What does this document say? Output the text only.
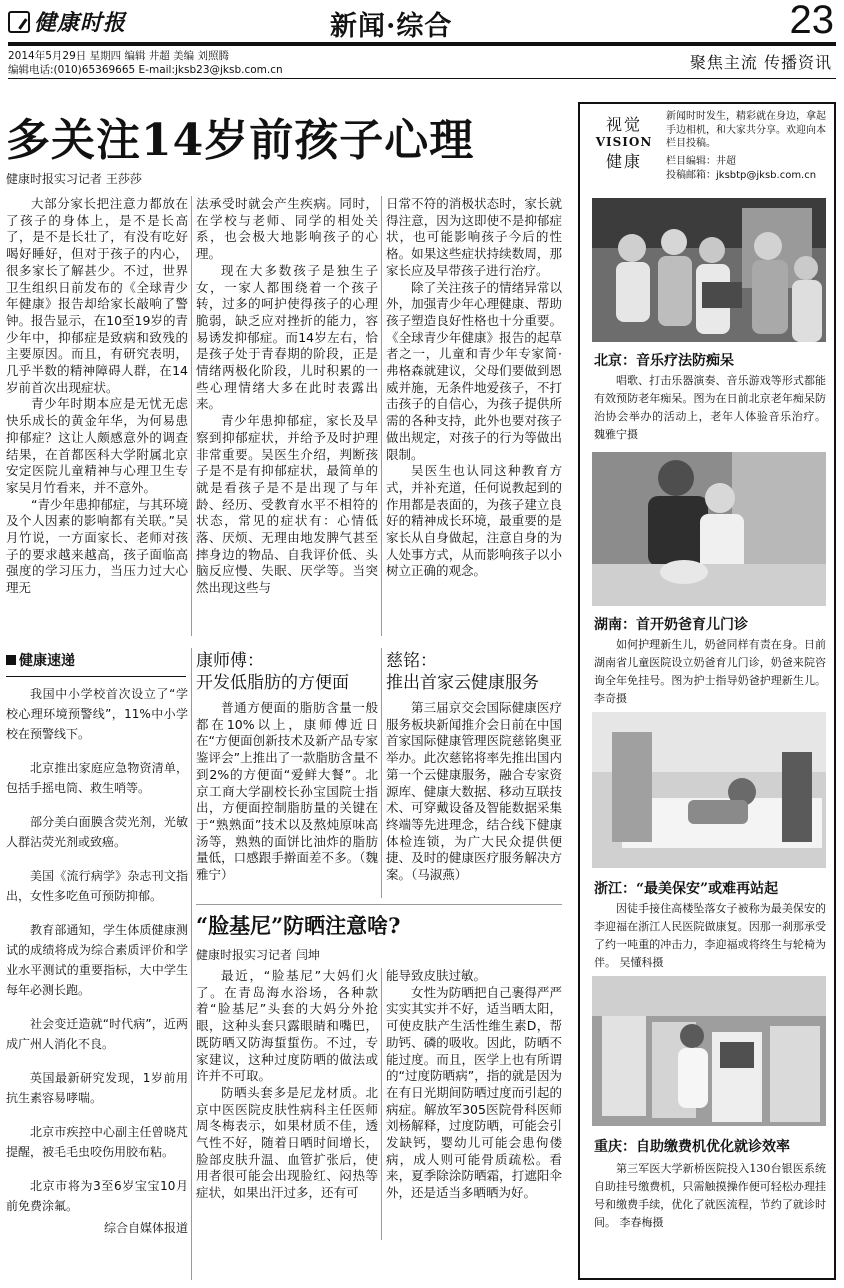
健康时报	新闻·综合	23
2014年5月29日 星期四 编辑 井超 美编 刘照腾
编辑电话:(010)65369665 E-mail:jksb23@jksb.com.cn	聚焦主流 传播资讯
多关注14岁前孩子心理
健康时报实习记者 王莎莎

大部分家长把注意力都放在了孩子的身体上，是不是长高了，是不是长壮了，有没有吃好喝好睡好，但对于孩子的内心，很多家长了解甚少。不过，世界卫生组织日前发布的《全球青少年健康》报告却给家长敲响了警钟。报告显示，在10至19岁的青少年中，抑郁症是致病和致残的主要原因。而且，有研究表明，几乎半数的精神障碍人群，在14岁前首次出现症状。

青少年时期本应是无忧无虑快乐成长的黄金年华，为何易患抑郁症？这让人颇感意外的调查结果，在首都医科大学附属北京安定医院儿童精神与心理卫生专家吴月竹看来，并不意外。

“青少年患抑郁症，与其环境及个人因素的影响都有关联。”吴月竹说，一方面家长、老师对孩子的要求越来越高，孩子面临高强度的学习压力，当压力过大心理无

法承受时就会产生疾病。同时，在学校与老师、同学的相处关系，也会极大地影响孩子的心理。

现在大多数孩子是独生子女，一家人都围绕着一个孩子转，过多的呵护使得孩子的心理脆弱，缺乏应对挫折的能力，容易诱发抑郁症。而14岁左右，恰是孩子处于青春期的阶段，正是情绪两极化阶段，儿时积累的一些心理情绪大多在此时表露出来。

青少年患抑郁症，家长及早察到抑郁症状，并给予及时护理非常重要。吴医生介绍，判断孩子是不是有抑郁症状，最简单的就是看孩子是不是出现了与年龄、经历、受教育水平不相符的状态，常见的症状有：心情低落、厌烦、无理由地发脾气甚至摔身边的物品、自我评价低、头脑反应慢、失眠、厌学等。当突然出现这些与

日常不符的消极状态时，家长就得注意，因为这即使不是抑郁症状，也可能影响孩子今后的性格。如果这些症状持续数周，那家长应及早带孩子进行治疗。

除了关注孩子的情绪异常以外，加强青少年心理健康、帮助孩子塑造良好性格也十分重要。《全球青少年健康》报告的起草者之一，儿童和青少年专家简·弗格森就建议，父母们要做到恩威并施，无条件地爱孩子，不打击孩子的自信心，为孩子提供所需的各种支持，此外也要对孩子做出规定，对孩子的行为等做出限制。

吴医生也认同这种教育方式，并补充道，任何说教起到的作用都是表面的，为孩子建立良好的精神成长环境，最重要的是家长从自身做起，注意自身的为人处事方式，从而影响孩子以小树立正确的观念。

健康速递

我国中小学校首次设立了“学校心理环境预警线”，11%中小学校在预警线下。

北京推出家庭应急物资清单，包括手摇电筒、救生哨等。

部分美白面膜含荧光剂，光敏人群沾荧光剂或致癌。

美国《流行病学》杂志刊文指出，女性多吃鱼可预防抑郁。

教育部通知，学生体质健康测试的成绩将成为综合素质评价和学业水平测试的重要指标，大中学生每年必测长跑。

社会变迁造就“时代病”，近两成广州人消化不良。

英国最新研究发现，1岁前用抗生素容易哮喘。

北京市疾控中心副主任曾晓芃提醒，被毛毛虫咬伤用胶布粘。

北京市将为3至6岁宝宝10月前免费涂氟。

综合自媒体报道

康师傅：
开发低脂肪的方便面

普通方便面的脂肪含量一般都在10%以上，康师傅近日在“方便面创新技术及新产品专家鉴评会”上推出了一款脂肪含量不到2%的方便面“爱鲜大餐”。北京工商大学副校长孙宝国院士指出，方便面控制脂肪量的关键在于“熟熟面”技术以及熬炖原味高汤等，熟熟的面饼比油炸的脂肪量低，口感跟手擀面差不多。（魏雅宁）

慈铭：
推出首家云健康服务

第三届京交会国际健康医疗服务板块新闻推介会日前在中国首家国际健康管理医院慈铭奥亚举办。此次慈铭将率先推出国内第一个云健康服务，融合专家资源库、健康大数据、移动互联技术、可穿戴设备及智能数据采集终端等先进理念，结合线下健康体检连锁，为广大民众提供便捷、及时的健康医疗服务解决方案。（马淑燕）

“脸基尼”防晒注意啥?
健康时报实习记者 闫坤

最近，“脸基尼”大妈们火了。在青岛海水浴场，各种款着“脸基尼”头套的大妈分外抢眼，这种头套只露眼睛和嘴巴，既防晒又防海蜇蜇伤。不过，专家建议，这种过度防晒的做法或许并不可取。

防晒头套多是尼龙材质。北京中医医院皮肤性病科主任医师周冬梅表示，如果材质不佳，透气性不好，随着日晒时间增长，脸部皮肤升温、血管扩张后，使用者很可能会出现脸红、闷热等症状，如果出汗过多，还有可

能导致皮肤过敏。

女性为防晒把自己裹得严严实实其实并不好，适当晒太阳，可使皮肤产生活性维生素D，帮助钙、磷的吸收。因此，防晒不能过度。而且，医学上也有所谓的“过度防晒病”，指的就是因为在有日光期间防晒过度而引起的病症。解放军305医院骨科医师刘杨解释，过度防晒，可能会引发缺钙，婴幼儿可能会患佝偻病，成人则可能骨质疏松。看来，夏季除涂防晒霜，打遮阳伞外，还是适当多晒晒为好。

视觉
VISION
健康
新闻时时发生，精彩就在身边，拿起手边相机，和大家共分享。欢迎向本栏目投稿。
栏目编辑：井超
投稿邮箱：jksbtp@jksb.com.cn
北京：音乐疗法防痴呆
唱歌、打击乐器演奏、音乐游戏等形式都能有效预防老年痴呆。图为在日前北京老年痴呆防治协会举办的活动上，老年人体验音乐治疗。 魏雅宁摄
湖南：首开奶爸育儿门诊
如何护理新生儿，奶爸同样有责在身。日前湖南省儿童医院设立奶爸育儿门诊，奶爸来院咨询全年免挂号。图为护士指导奶爸护理新生儿。 李奇摄
浙江：“最美保安”或难再站起
因徒手接住高楼坠落女子被称为最美保安的李迎福在浙江人民医院做康复。因那一刹那承受了约一吨重的冲击力，李迎福或将终生与轮椅为伴。 吴懂科摄
重庆：自助缴费机优化就诊效率
第三军医大学新桥医院投入130台银医系统自助挂号缴费机，只需触摸操作便可轻松办理挂号和缴费手续，优化了就医流程，节约了就诊时间。 李春梅摄
